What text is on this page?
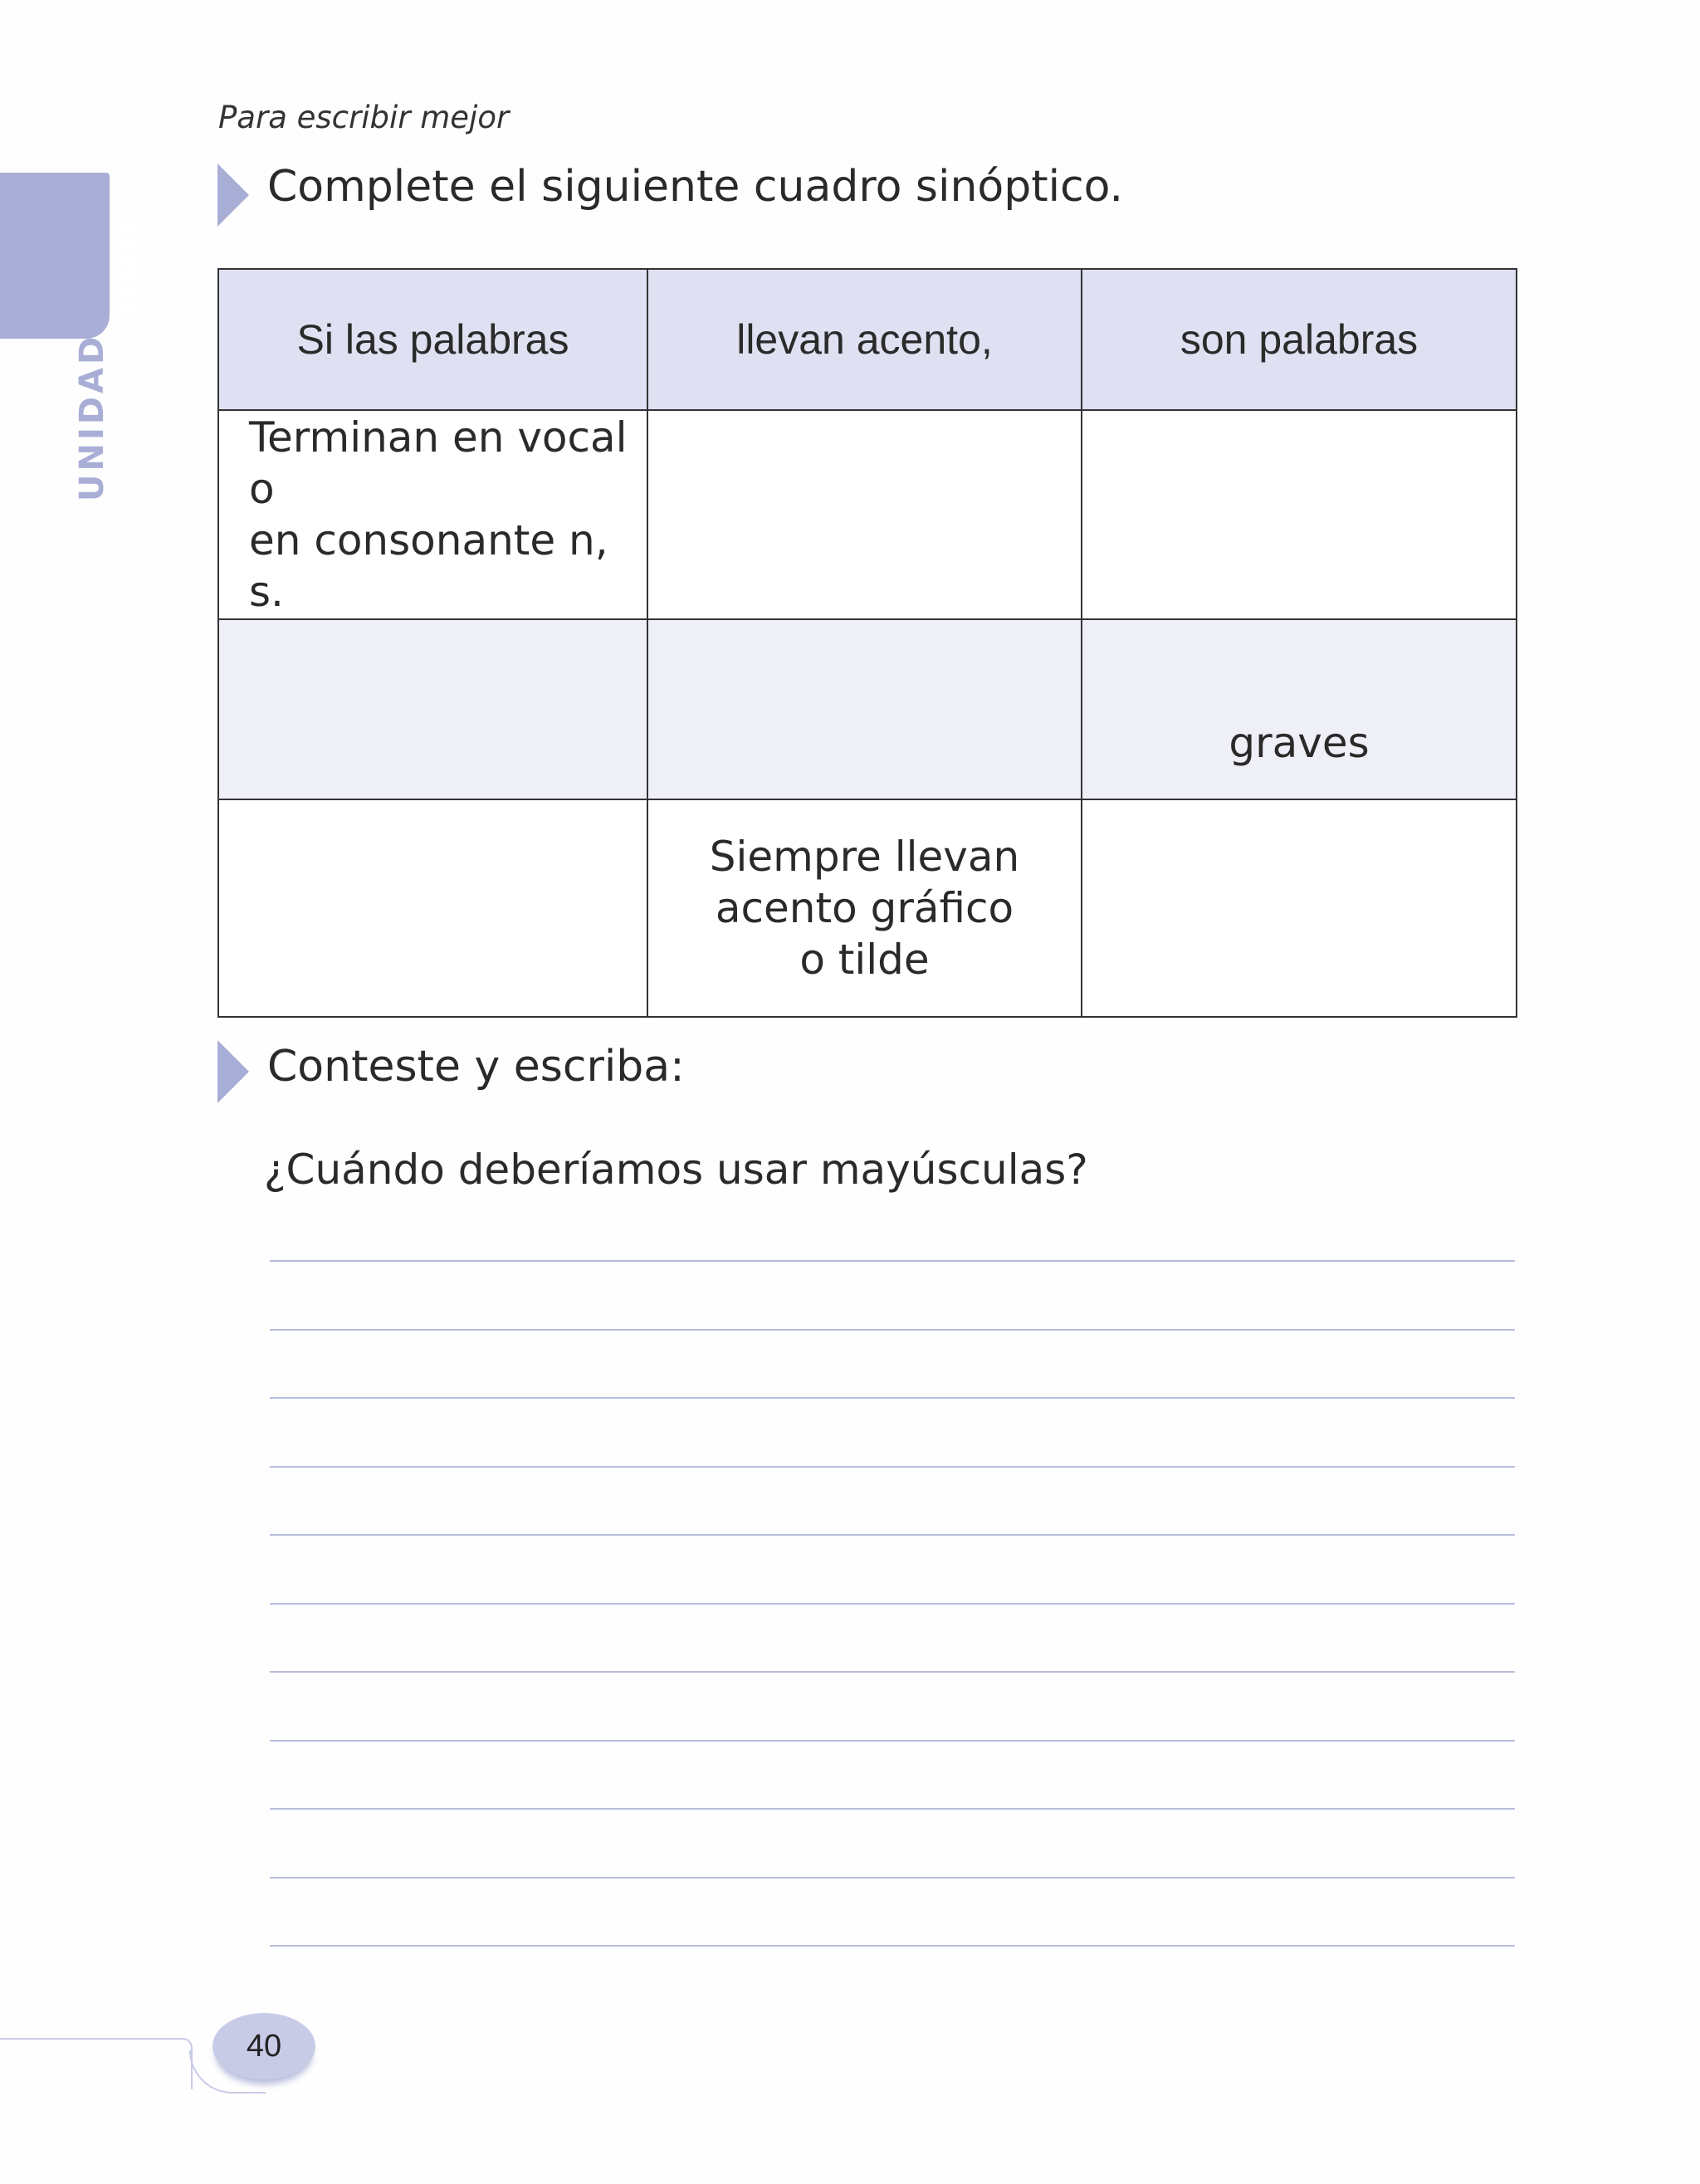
Para escribir mejor
UNIDAD
UNO
Complete el siguiente cuadro sinóptico.
Si las palabras	llevan acento,	son palabras

Terminan en vocal o
en consonante n, s.		

		graves

	Siempre llevan
acento gráfico
o tilde	

Conteste y escriba:
¿Cuándo deberíamos usar mayúsculas?
40
